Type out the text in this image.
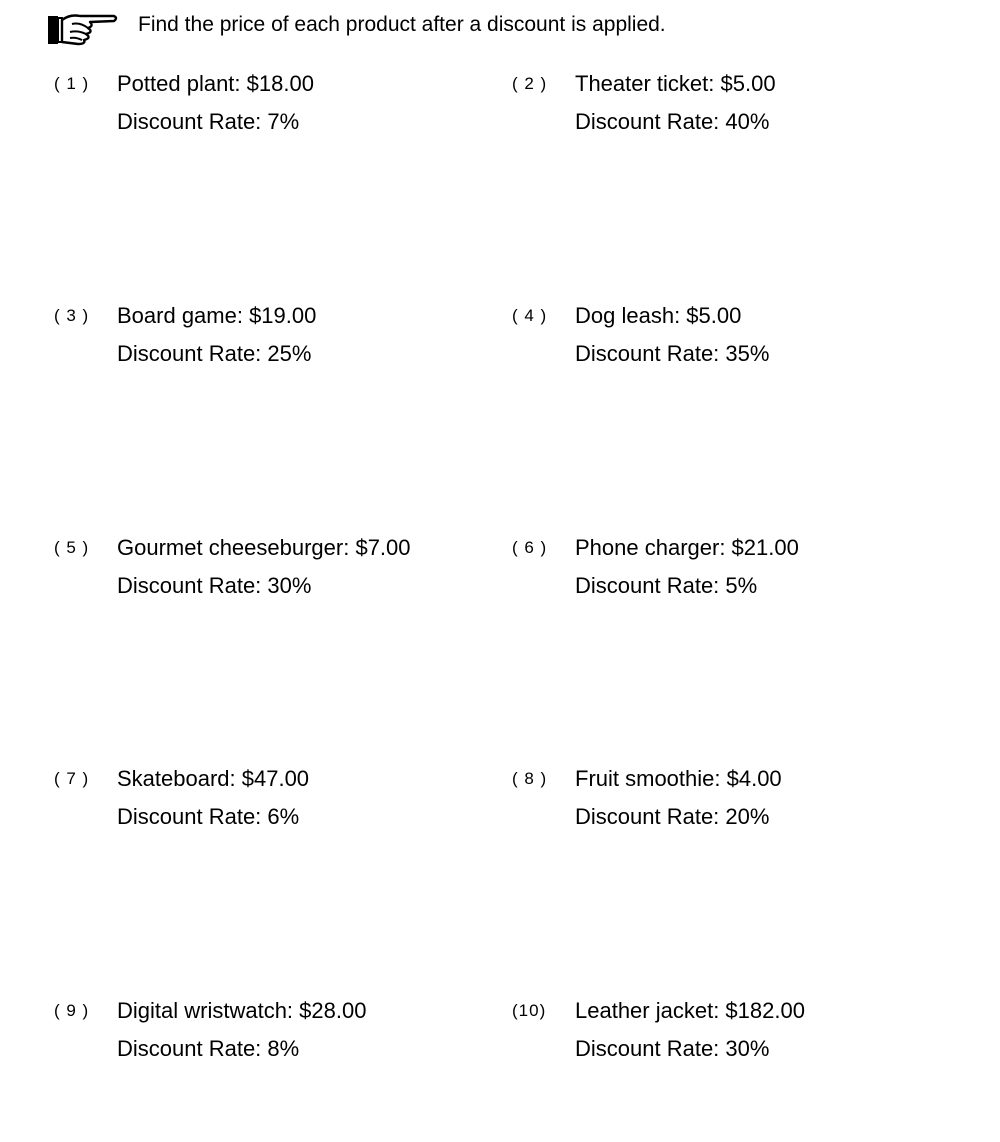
Find the price of each product after a discount is applied.
( 1 ) Potted plant: $18.00
Discount Rate: 7%
( 2 ) Theater ticket: $5.00
Discount Rate: 40%
( 3 ) Board game: $19.00
Discount Rate: 25%
( 4 ) Dog leash: $5.00
Discount Rate: 35%
( 5 ) Gourmet cheeseburger: $7.00
Discount Rate: 30%
( 6 ) Phone charger: $21.00
Discount Rate: 5%
( 7 ) Skateboard: $47.00
Discount Rate: 6%
( 8 ) Fruit smoothie: $4.00
Discount Rate: 20%
( 9 ) Digital wristwatch: $28.00
Discount Rate: 8%
(10) Leather jacket: $182.00
Discount Rate: 30%
